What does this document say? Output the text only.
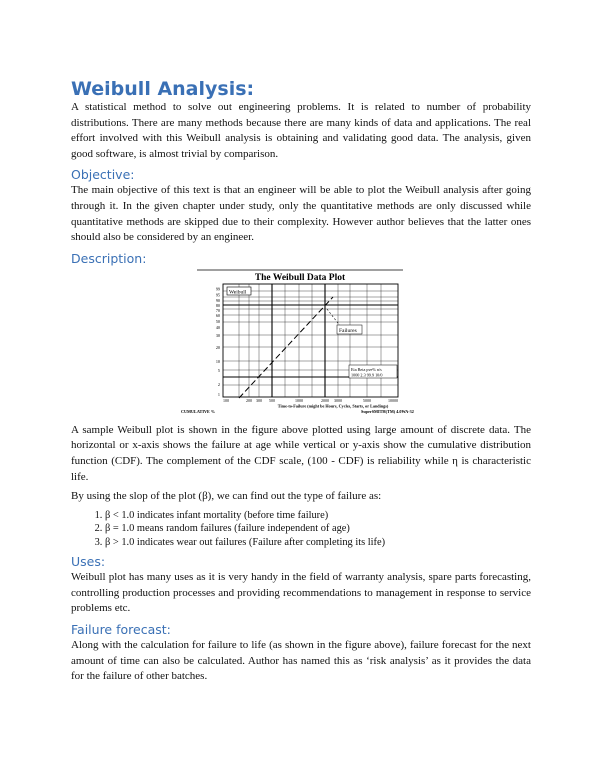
Weibull Analysis:

A statistical method to solve out engineering problems. It is related to number of probability distributions. There are many methods because there are many kinds of data and applications. The real effort involved with this Weibull analysis is obtaining and validating good data. The analysis, given good software, is almost trivial by comparison.

Objective:

The main objective of this text is that an engineer will be able to plot the Weibull analysis after going through it. In the given chapter under study, only the quantitative methods are only discussed while quantitative methods are skipped due to their complexity. However author believes that the latter ones should also be considered by an engineer.

Description:
The Weibull Data Plot
Weibull
Failures
Eta Beta pve% n/s
1000 2.3 99.9 10/0
99
95
90
80
70
60
50
40
30
20
10
5
2
1
100	200 300 500	1000	2000 3000	5000	10000
Time-to-Failure (might be Hours, Cycles, Starts, or Landings)
CUMULATIVE %	SuperSMITH(TM) 4.0WA-32

A sample Weibull plot is shown in the figure above plotted using large amount of discrete data. The horizontal or x-axis shows the failure at age while vertical or y-axis show the cumulative distribution function (CDF). The complement of the CDF scale, (100 - CDF) is reliability while η is characteristic life.

By using the slop of the plot (β), we can find out the type of failure as:

1. β < 1.0 indicates infant mortality (before time failure)
2. β = 1.0 means random failures (failure independent of age)
3. β > 1.0 indicates wear out failures (Failure after completing its life)
Uses:

Weibull plot has many uses as it is very handy in the field of warranty analysis, spare parts forecasting, controlling production processes and providing recommendations to management in response to service problems etc.

Failure forecast:

Along with the calculation for failure to life (as shown in the figure above), failure forecast for the next amount of time can also be calculated. Author has named this as ‘risk analysis’ as it provides the data for the failure of other batches.
